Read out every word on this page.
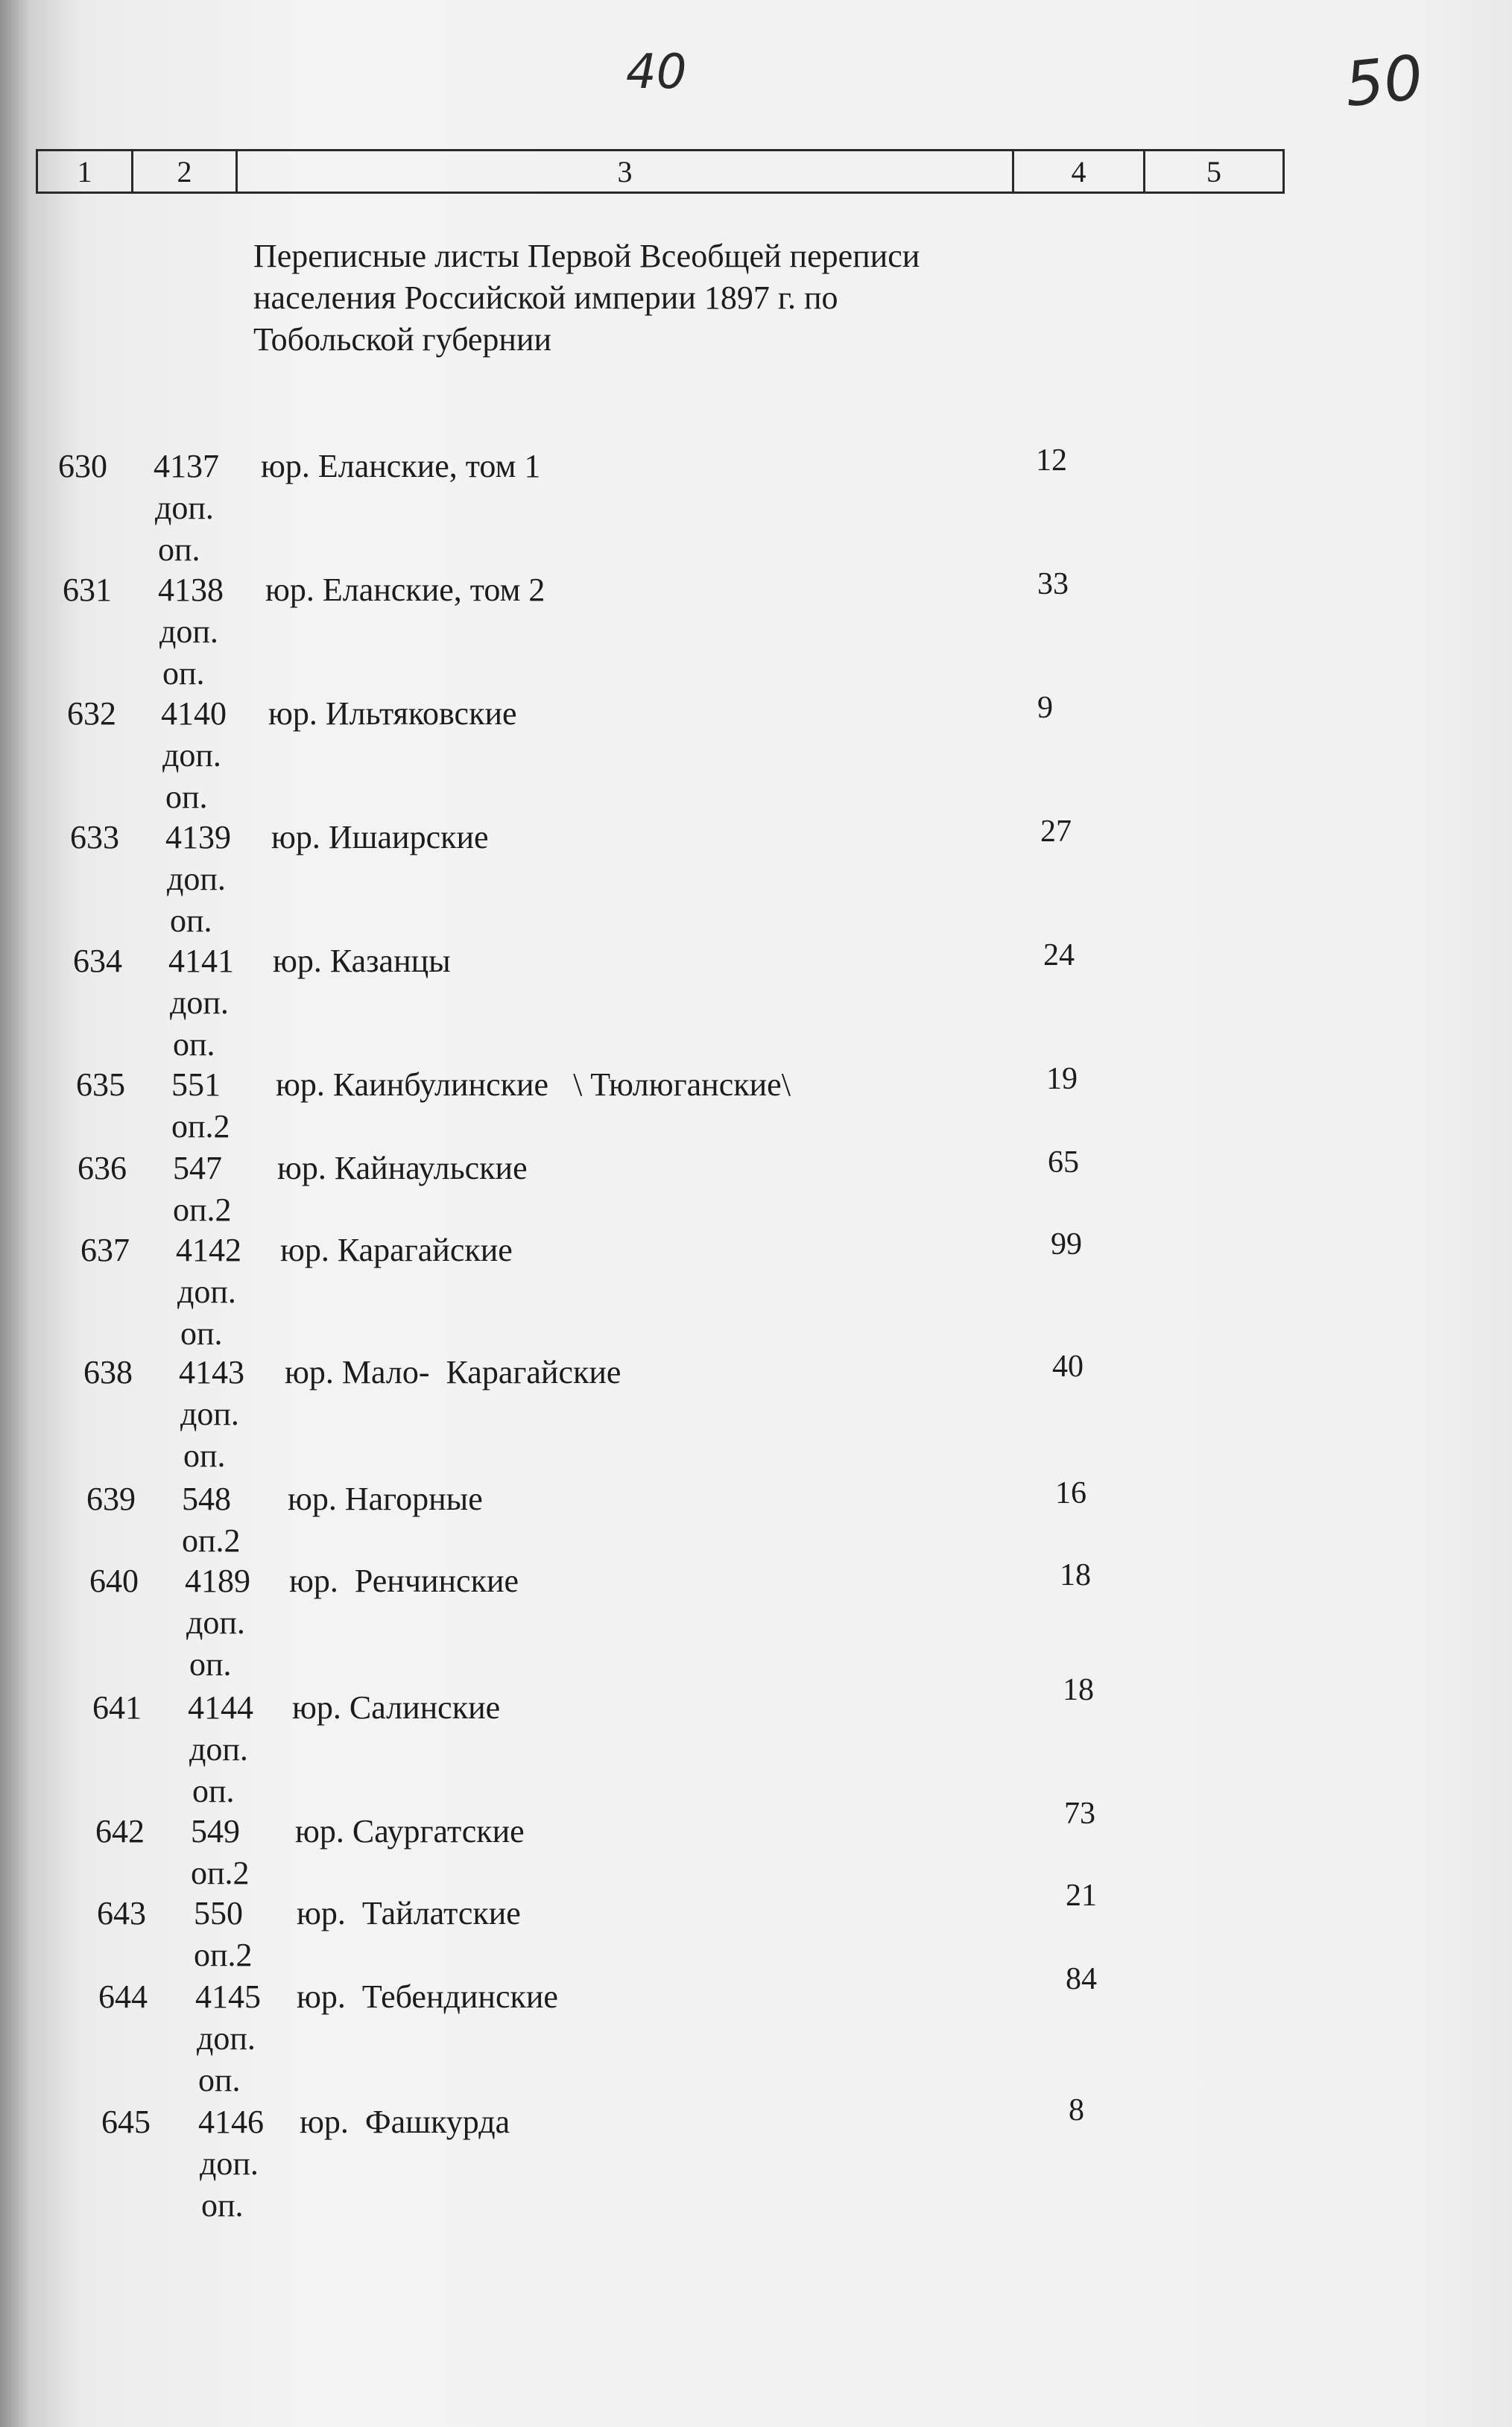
40	50
1	2	3	4	5
Переписные листы Первой Всеобщей переписи
населения Российской империи 1897 г. по
Тобольской губернии
630 4137
доп.
оп.
юр. Еланские, том 1	12
631 4138
доп.
оп.
юр. Еланские, том 2	33
632 4140
доп.
оп.
юр. Ильтяковские	9
633 4139
доп.
оп.
юр. Ишаирские	27
634 4141
доп.
оп.
юр. Казанцы	24
635 551
оп.2
юр. Каинбулинские   \ Тюлюганские\	19
636 547
оп.2
юр. Кайнаульские	65
637 4142
доп.
оп.
юр. Карагайские	99
638 4143
доп.
оп.
юр. Мало-  Карагайские	40
639 548
оп.2
юр. Нагорные	16
640 4189
доп.
оп.
юр.  Ренчинские	18
641 4144
доп.
оп.
юр. Салинские	18
642 549
оп.2
юр. Саургатские	73
643 550
оп.2
юр.  Тайлатские	21
644 4145
доп.
оп.
юр.  Тебендинские	84
645 4146
доп.
оп.
юр.  Фашкурда	8
